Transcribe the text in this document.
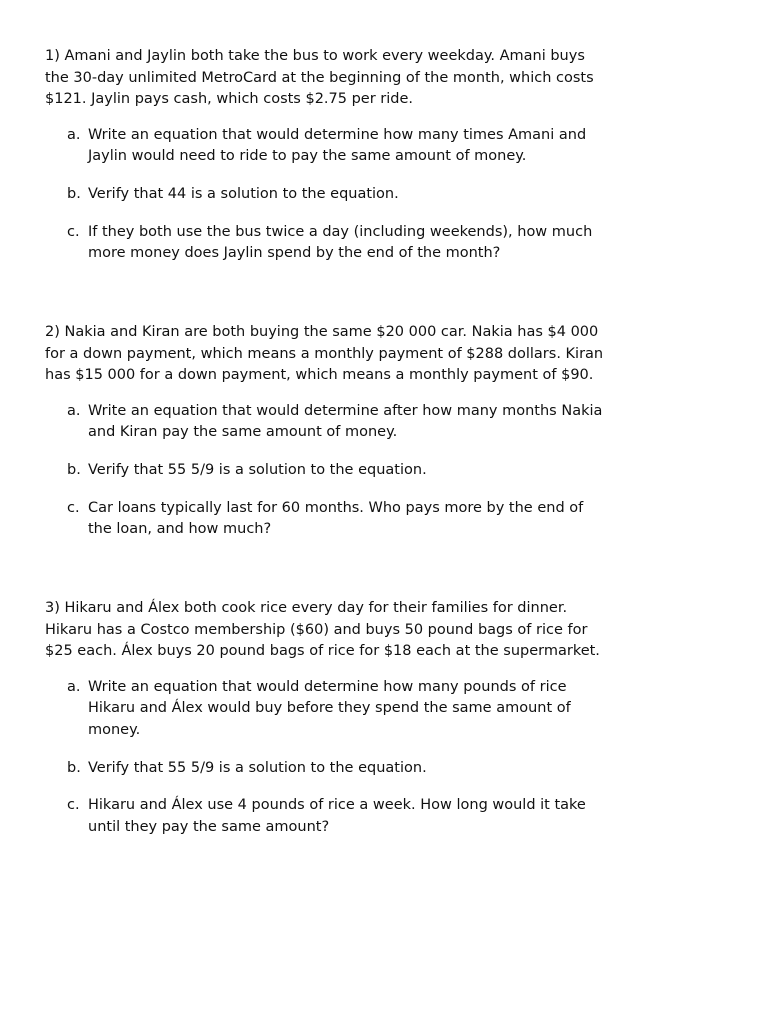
1) Amani and Jaylin both take the bus to work every weekday. Amani buys the 30-day unlimited MetroCard at the beginning of the month, which costs $121. Jaylin pays cash, which costs $2.75 per ride.

a. Write an equation that would determine how many times Amani and Jaylin would need to ride to pay the same amount of money.
b. Verify that 44 is a solution to the equation.
c. If they both use the bus twice a day (including weekends), how much more money does Jaylin spend by the end of the month?

2) Nakia and Kiran are both buying the same $20 000 car. Nakia has $4 000 for a down payment, which means a monthly payment of $288 dollars. Kiran has $15 000 for a down payment, which means a monthly payment of $90.

a. Write an equation that would determine after how many months Nakia and Kiran pay the same amount of money.
b. Verify that 55 5/9 is a solution to the equation.
c. Car loans typically last for 60 months. Who pays more by the end of the loan, and how much?

3) Hikaru and Álex both cook rice every day for their families for dinner. Hikaru has a Costco membership ($60) and buys 50 pound bags of rice for $25 each. Álex buys 20 pound bags of rice for $18 each at the supermarket.

a. Write an equation that would determine how many pounds of rice Hikaru and Álex would buy before they spend the same amount of money.
b. Verify that 55 5/9 is a solution to the equation.
c. Hikaru and Álex use 4 pounds of rice a week. How long would it take until they pay the same amount?
